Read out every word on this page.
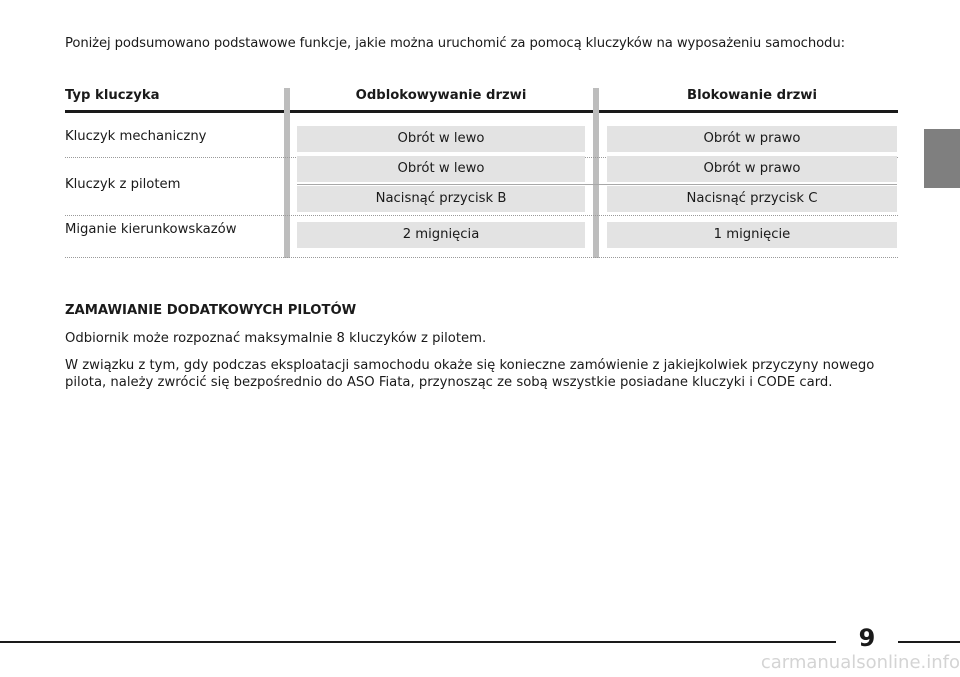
Poniżej podsumowano podstawowe funkcje, jakie można uruchomić za pomocą kluczyków na wyposażeniu samochodu:
Typ kluczyka	Odblokowywanie drzwi	Blokowanie drzwi
Kluczyk mechaniczny
Kluczyk z pilotem
Miganie kierunkowskazów
Obrót w lewo
Obrót w lewo
Nacisnąć przycisk B
2 mignięcia
Obrót w prawo
Obrót w prawo
Nacisnąć przycisk C
1 mignięcie
ZAMAWIANIE DODATKOWYCH PILOTÓW
Odbiornik może rozpoznać maksymalnie 8 kluczyków z pilotem.
W związku z tym, gdy podczas eksploatacji samochodu okaże się konieczne zamówienie z jakiejkolwiek przyczyny nowego pilota, należy zwrócić się bezpośrednio do ASO Fiata, przynosząc ze sobą wszystkie posiadane kluczyki i CODE card.
9
carmanualsonline.info
